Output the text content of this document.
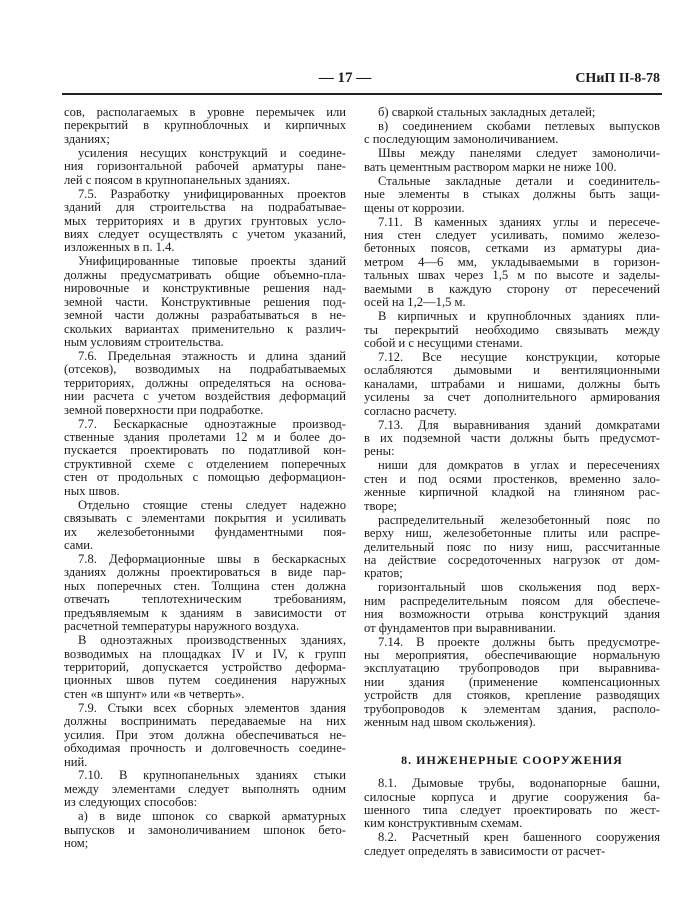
— 17 —	СНиП II-8-78
сов, располагаемых в уровне перемычек или
перекрытий в крупноблочных и кирпичных
зданиях;
усиления несущих конструкций и соедине-
ния горизонтальной рабочей арматуры пане-
лей с поясом в крупнопанельных зданиях.
7.5. Разработку унифицированных проектов
зданий для строительства на подрабатывае-
мых территориях и в других грунтовых усло-
виях следует осуществлять с учетом указаний,
изложенных в п. 1.4.
Унифицированные типовые проекты зданий
должны предусматривать общие объемно-пла-
нировочные и конструктивные решения над-
земной части. Конструктивные решения под-
земной части должны разрабатываться в не-
скольких вариантах применительно к различ-
ным условиям строительства.
7.6. Предельная этажность и длина зданий
(отсеков), возводимых на подрабатываемых
территориях, должны определяться на основа-
нии расчета с учетом воздействия деформаций
земной поверхности при подработке.
7.7. Бескаркасные одноэтажные производ-
ственные здания пролетами 12 м и более до-
пускается проектировать по податливой кон-
структивной схеме с отделением поперечных
стен от продольных с помощью деформацион-
ных швов.
Отдельно стоящие стены следует надежно
связывать с элементами покрытия и усиливать
их железобетонными фундаментными поя-
сами.
7.8. Деформационные швы в бескаркасных
зданиях должны проектироваться в виде пар-
ных поперечных стен. Толщина стен должна
отвечать теплотехническим требованиям,
предъявляемым к зданиям в зависимости от
расчетной температуры наружного воздуха.
В одноэтажных производственных зданиях,
возводимых на площадках IV и IV, к групп
территорий, допускается устройство деформа-
ционных швов путем соединения наружных
стен «в шпунт» или «в четверть».
7.9. Стыки всех сборных элементов здания
должны воспринимать передаваемые на них
усилия. При этом должна обеспечиваться не-
обходимая прочность и долговечность соедине-
ний.
7.10. В крупнопанельных зданиях стыки
между элементами следует выполнять одним
из следующих способов:
а) в виде шпонок со сваркой арматурных
выпусков и замоноличиванием шпонок бето-
ном;
б) сваркой стальных закладных деталей;
в) соединением скобами петлевых выпусков
с последующим замоноличиванием.
Швы между панелями следует замоноличи-
вать цементным раствором марки не ниже 100.
Стальные закладные детали и соединитель-
ные элементы в стыках должны быть защи-
щены от коррозии.
7.11. В каменных зданиях углы и пересече-
ния стен следует усиливать, помимо железо-
бетонных поясов, сетками из арматуры диа-
метром 4—6 мм, укладываемыми в горизон-
тальных швах через 1,5 м по высоте и заделы-
ваемыми в каждую сторону от пересечений
осей на 1,2—1,5 м.
В кирпичных и крупноблочных зданиях пли-
ты перекрытий необходимо связывать между
собой и с несущими стенами.
7.12. Все несущие конструкции, которые
ослабляются дымовыми и вентиляционными
каналами, штрабами и нишами, должны быть
усилены за счет дополнительного армирования
согласно расчету.
7.13. Для выравнивания зданий домкратами
в их подземной части должны быть предусмот-
рены:
ниши для домкратов в углах и пересечениях
стен и под осями простенков, временно зало-
женные кирпичной кладкой на глиняном рас-
творе;
распределительный железобетонный пояс по
верху ниш, железобетонные плиты или распре-
делительный пояс по низу ниш, рассчитанные
на действие сосредоточенных нагрузок от дом-
кратов;
горизонтальный шов скольжения под верх-
ним распределительным поясом для обеспече-
ния возможности отрыва конструкций здания
от фундаментов при выравнивании.
7.14. В проекте должны быть предусмотре-
ны мероприятия, обеспечивающие нормальную
эксплуатацию трубопроводов при выравнива-
нии здания (применение компенсационных
устройств для стояков, крепление разводящих
трубопроводов к элементам здания, располо-
женным над швом скольжения).
8. ИНЖЕНЕРНЫЕ СООРУЖЕНИЯ
8.1. Дымовые трубы, водонапорные башни,
силосные корпуса и другие сооружения ба-
шенного типа следует проектировать по жест-
ким конструктивным схемам.
8.2. Расчетный крен башенного сооружения
следует определять в зависимости от расчет-
